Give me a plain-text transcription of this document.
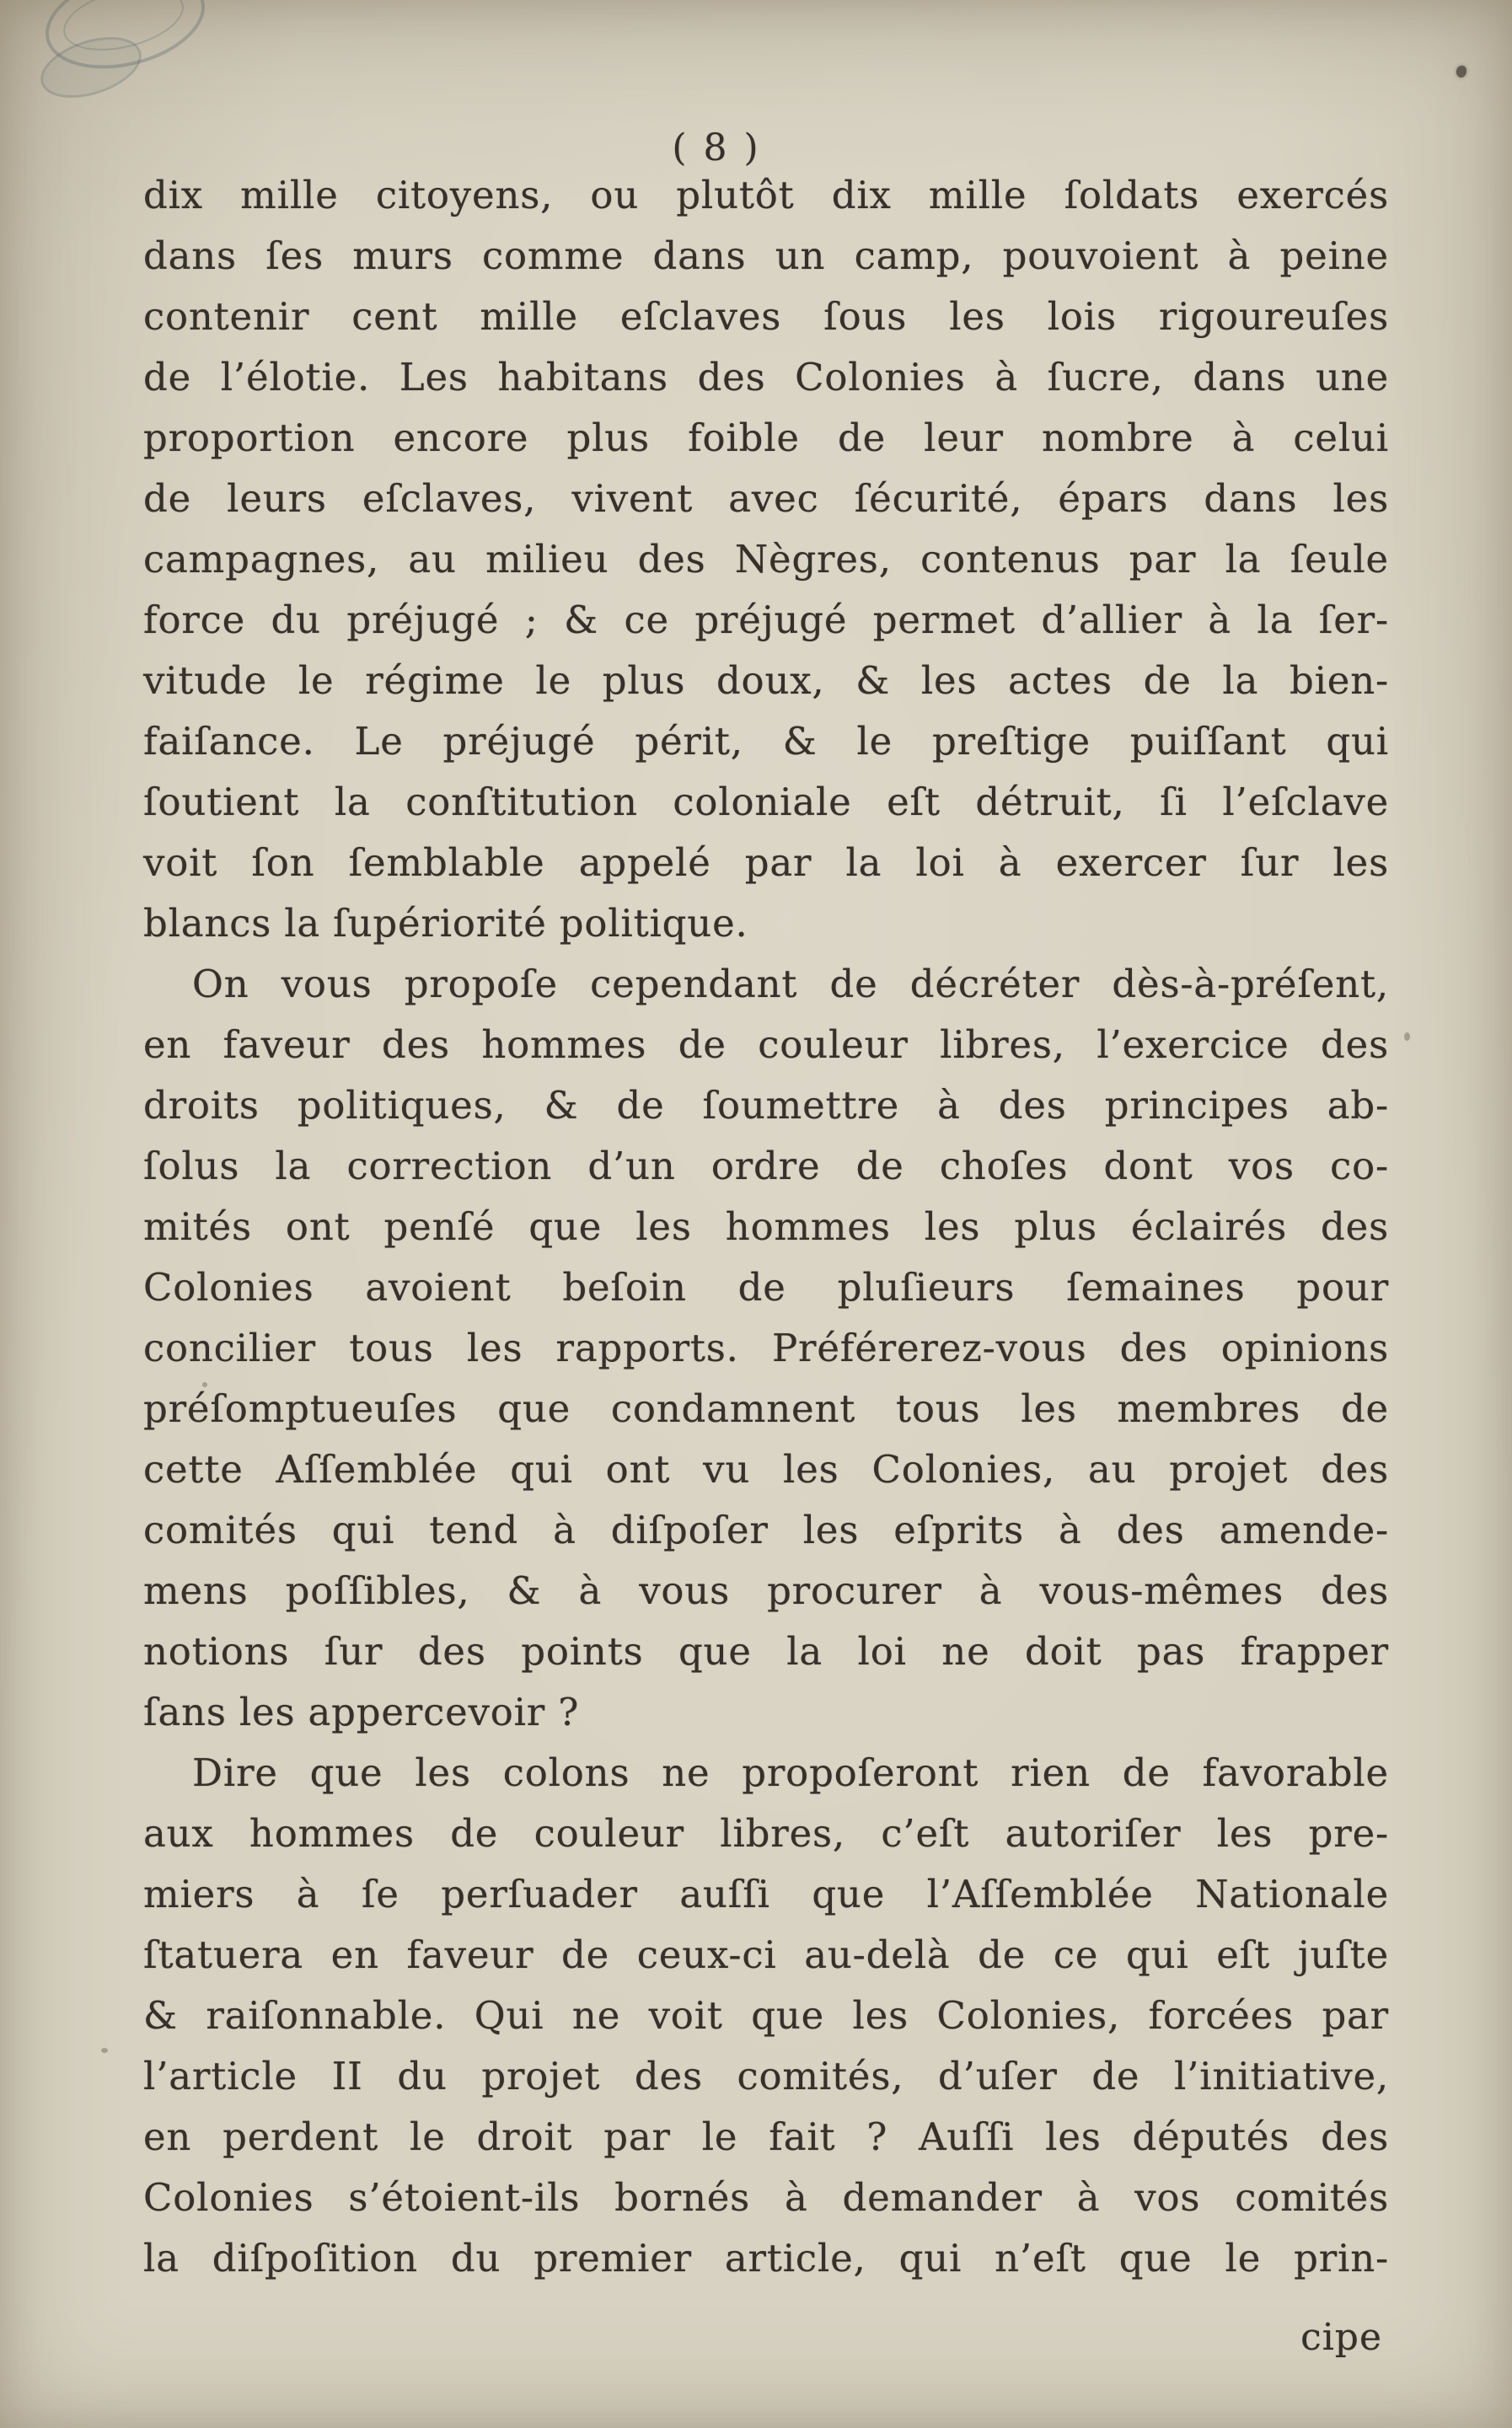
( 8 )
dix mille citoyens, ou plutôt dix mille ſoldats exercés
dans ſes murs comme dans un camp, pouvoient à peine
contenir cent mille eſclaves ſous les lois rigoureuſes
de l’élotie. Les habitans des Colonies à ſucre, dans une
proportion encore plus foible de leur nombre à celui
de leurs eſclaves, vivent avec ſécurité, épars dans les
campagnes, au milieu des Nègres, contenus par la ſeule
force du préjugé ; & ce préjugé permet d’allier à la ſer-
vitude le régime le plus doux, & les actes de la bien-
faiſance. Le préjugé périt, & le preſtige puiſſant qui
ſoutient la conſtitution coloniale eſt détruit, ſi l’eſclave
voit ſon ſemblable appelé par la loi à exercer ſur les
blancs la ſupériorité politique.
On vous propoſe cependant de décréter dès-à-préſent,
en faveur des hommes de couleur libres, l’exercice des
droits politiques, & de ſoumettre à des principes ab-
ſolus la correction d’un ordre de choſes dont vos co-
mités ont penſé que les hommes les plus éclairés des
Colonies avoient beſoin de pluſieurs ſemaines pour
concilier tous les rapports. Préférerez-vous des opinions
préſomptueuſes que condamnent tous les membres de
cette Aſſemblée qui ont vu les Colonies, au projet des
comités qui tend à diſpoſer les eſprits à des amende-
mens poſſibles, & à vous procurer à vous-mêmes des
notions ſur des points que la loi ne doit pas frapper
ſans les appercevoir ?
Dire que les colons ne propoſeront rien de favorable
aux hommes de couleur libres, c’eſt autoriſer les pre-
miers à ſe perſuader auſſi que l’Aſſemblée Nationale
ſtatuera en faveur de ceux-ci au-delà de ce qui eſt juſte
& raiſonnable. Qui ne voit que les Colonies, forcées par
l’article II du projet des comités, d’uſer de l’initiative,
en perdent le droit par le fait ? Auſſi les députés des
Colonies s’étoient-ils bornés à demander à vos comités
la diſpoſition du premier article, qui n’eſt que le prin-
cipe
